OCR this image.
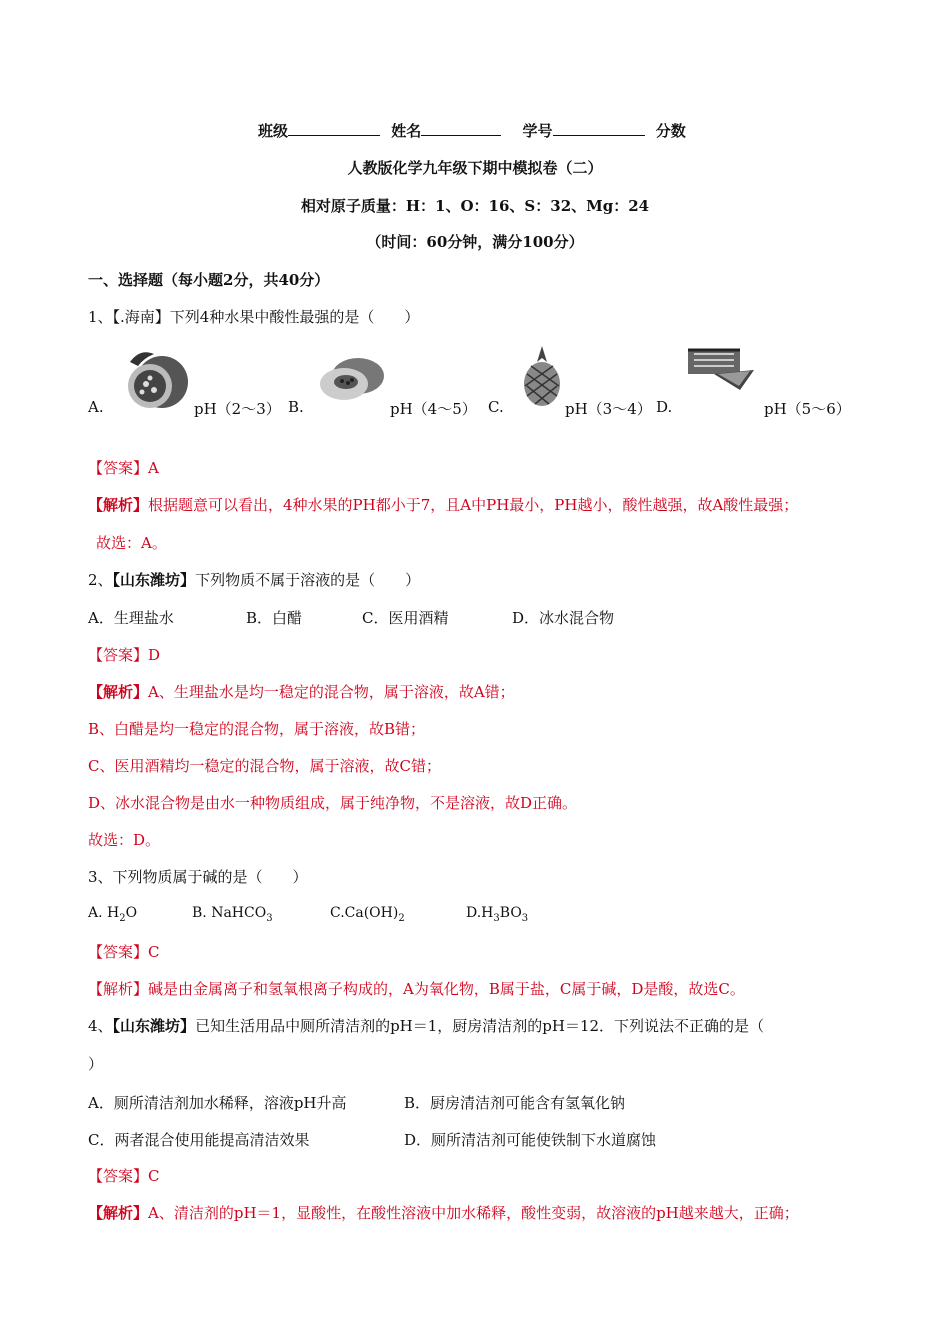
班级	姓名	学号	分数
人教版化学九年级下期中模拟卷（二）
相对原子质量：H：1、O：16、S：32、Mg：24
（时间：60分钟，满分100分）
一、选择题（每小题2分，共40分）
1、【.海南】下列4种水果中酸性最强的是（　　）
A.	pH（2～3） B.	pH（4～5） C.	pH（3～4） D.	pH（5～6）
【答案】A
【解析】根据题意可以看出，4种水果的PH都小于7，且A中PH最小，PH越小，酸性越强，故A酸性最强；
故选：A。
2、【山东潍坊】下列物质不属于溶液的是（　　）
A．生理盐水	B．白醋	C．医用酒精	D．冰水混合物
【答案】D
【解析】A、生理盐水是均一稳定的混合物，属于溶液，故A错；
B、白醋是均一稳定的混合物，属于溶液，故B错；
C、医用酒精均一稳定的混合物，属于溶液，故C错；
D、冰水混合物是由水一种物质组成，属于纯净物，不是溶液，故D正确。
故选：D。
3、下列物质属于碱的是（　　）
A. $H_2O$	B. NaHCO$_3$	$C.Ca(OH)_2$	$D.H_3BO_3$
【答案】C
【解析】碱是由金属离子和氢氧根离子构成的，A为氧化物，B属于盐，C属于碱，D是酸，故选C。
4、【山东潍坊】已知生活用品中厕所清洁剂的pH＝1，厨房清洁剂的pH＝12．下列说法不正确的是（
）
A．厕所清洁剂加水稀释，溶液pH升高	B．厨房清洁剂可能含有氢氧化钠
C．两者混合使用能提高清洁效果	D．厕所清洁剂可能使铁制下水道腐蚀
【答案】C
【解析】A、清洁剂的pH＝1，显酸性，在酸性溶液中加水稀释，酸性变弱，故溶液的pH越来越大，正确；
